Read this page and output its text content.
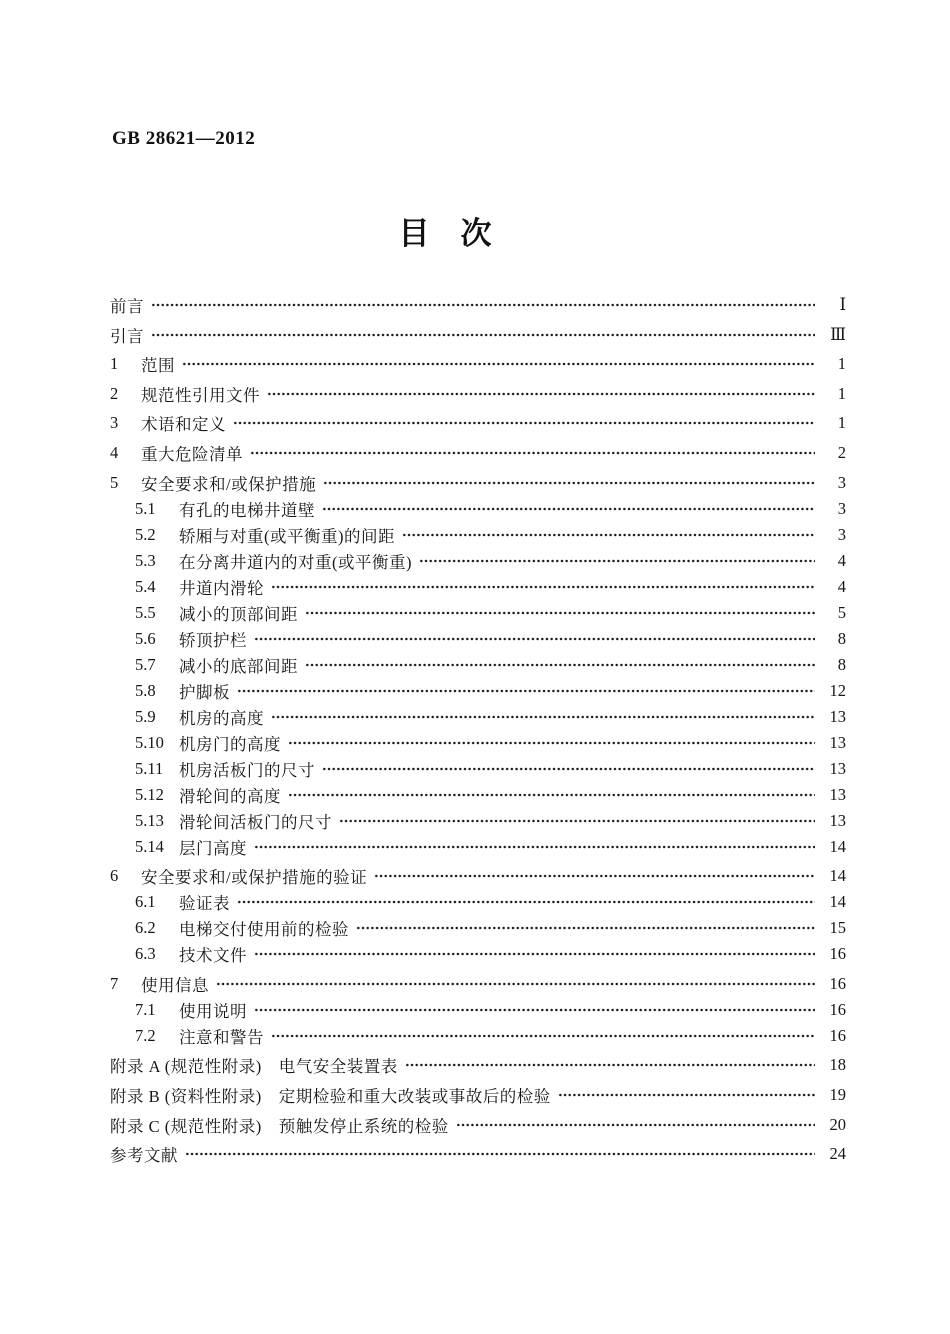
GB 28621—2012
目　次
前言	Ⅰ
引言	Ⅲ
1	范围	1
2	规范性引用文件	1
3	术语和定义	1
4	重大危险清单	2
5	安全要求和/或保护措施	3
5.1	有孔的电梯井道壁	3
5.2	轿厢与对重(或平衡重)的间距	3
5.3	在分离井道内的对重(或平衡重)	4
5.4	井道内滑轮	4
5.5	减小的顶部间距	5
5.6	轿顶护栏	8
5.7	减小的底部间距	8
5.8	护脚板	12
5.9	机房的高度	13
5.10 机房门的高度	13
5.11 机房活板门的尺寸	13
5.12 滑轮间的高度	13
5.13 滑轮间活板门的尺寸	13
5.14 层门高度	14
6	安全要求和/或保护措施的验证	14
6.1	验证表	14
6.2	电梯交付使用前的检验	15
6.3	技术文件	16
7	使用信息	16
7.1	使用说明	16
7.2	注意和警告	16
附录 A (规范性附录)　电气安全装置表	18
附录 B (资料性附录)　定期检验和重大改装或事故后的检验	19
附录 C (规范性附录)　预触发停止系统的检验	20
参考文献	24
